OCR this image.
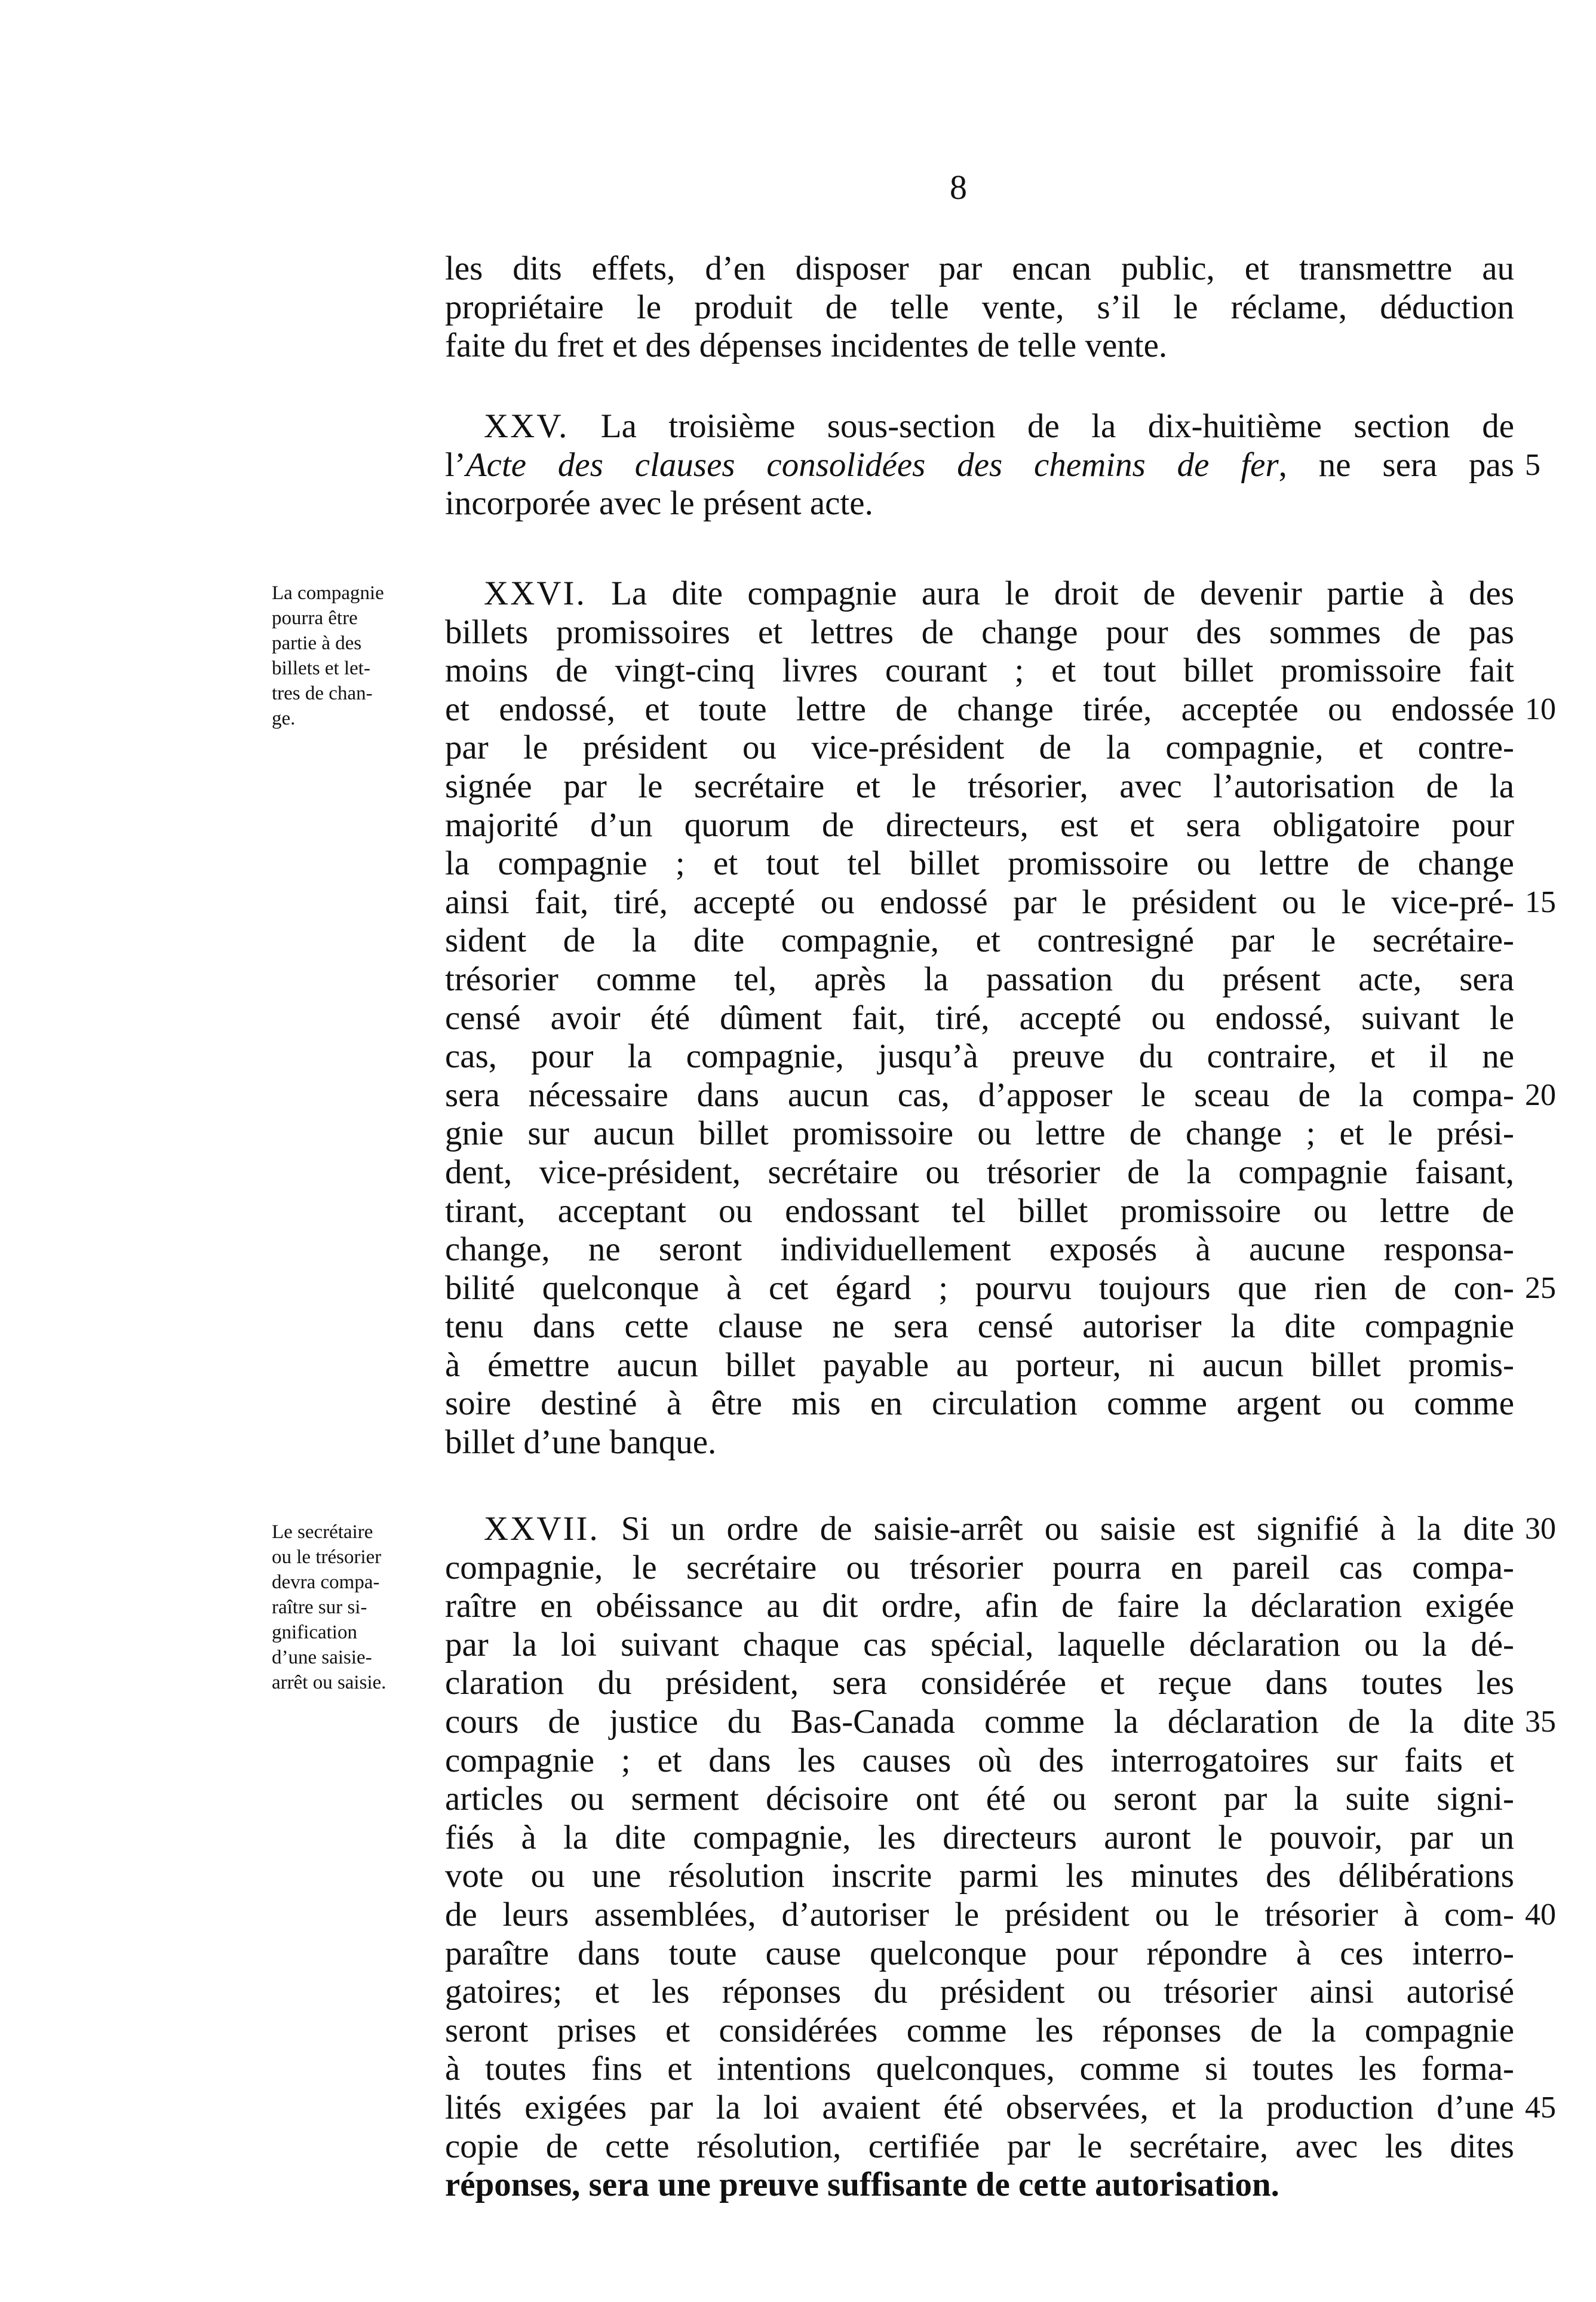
8
les dits effets, d’en disposer par encan public, et transmettre au
propriétaire le produit de telle vente, s’il le réclame, déduction
faite du fret et des dépenses incidentes de telle vente.
XXV. La troisième sous-section de la dix-huitième section de
l’Acte des clauses consolidées des chemins de fer, ne sera pas 5
incorporée avec le présent acte.
La compagnie
pourra être
partie à des
billets et let-
tres de chan-
ge.
XXVI. La dite compagnie aura le droit de devenir partie à des
billets promissoires et lettres de change pour des sommes de pas
moins de vingt-cinq livres courant ; et tout billet promissoire fait
et endossé, et toute lettre de change tirée, acceptée ou endossée 10
par le président ou vice-président de la compagnie, et contre-
signée par le secrétaire et le trésorier, avec l’autorisation de la
majorité d’un quorum de directeurs, est et sera obligatoire pour
la compagnie ; et tout tel billet promissoire ou lettre de change
ainsi fait, tiré, accepté ou endossé par le président ou le vice-pré- 15
sident de la dite compagnie, et contresigné par le secrétaire-
trésorier comme tel, après la passation du présent acte, sera
censé avoir été dûment fait, tiré, accepté ou endossé, suivant le
cas, pour la compagnie, jusqu’à preuve du contraire, et il ne
sera nécessaire dans aucun cas, d’apposer le sceau de la compa- 20
gnie sur aucun billet promissoire ou lettre de change ; et le prési-
dent, vice-président, secrétaire ou trésorier de la compagnie faisant,
tirant, acceptant ou endossant tel billet promissoire ou lettre de
change, ne seront individuellement exposés à aucune responsa-
bilité quelconque à cet égard ; pourvu toujours que rien de con- 25
tenu dans cette clause ne sera censé autoriser la dite compagnie
à émettre aucun billet payable au porteur, ni aucun billet promis-
soire destiné à être mis en circulation comme argent ou comme
billet d’une banque.
Le secrétaire
ou le trésorier
devra compa-
raître sur si-
gnification
d’une saisie-
arrêt ou saisie.
XXVII. Si un ordre de saisie-arrêt ou saisie est signifié à la dite 30
compagnie, le secrétaire ou trésorier pourra en pareil cas compa-
raître en obéissance au dit ordre, afin de faire la déclaration exigée
par la loi suivant chaque cas spécial, laquelle déclaration ou la dé-
claration du président, sera considérée et reçue dans toutes les
cours de justice du Bas-Canada comme la déclaration de la dite 35
compagnie ; et dans les causes où des interrogatoires sur faits et
articles ou serment décisoire ont été ou seront par la suite signi-
fiés à la dite compagnie, les directeurs auront le pouvoir, par un
vote ou une résolution inscrite parmi les minutes des délibérations
de leurs assemblées, d’autoriser le président ou le trésorier à com- 40
paraître dans toute cause quelconque pour répondre à ces interro-
gatoires; et les réponses du président ou trésorier ainsi autorisé
seront prises et considérées comme les réponses de la compagnie
à toutes fins et intentions quelconques, comme si toutes les forma-
lités exigées par la loi avaient été observées, et la production d’une 45
copie de cette résolution, certifiée par le secrétaire, avec les dites
réponses, sera une preuve suffisante de cette autorisation.
